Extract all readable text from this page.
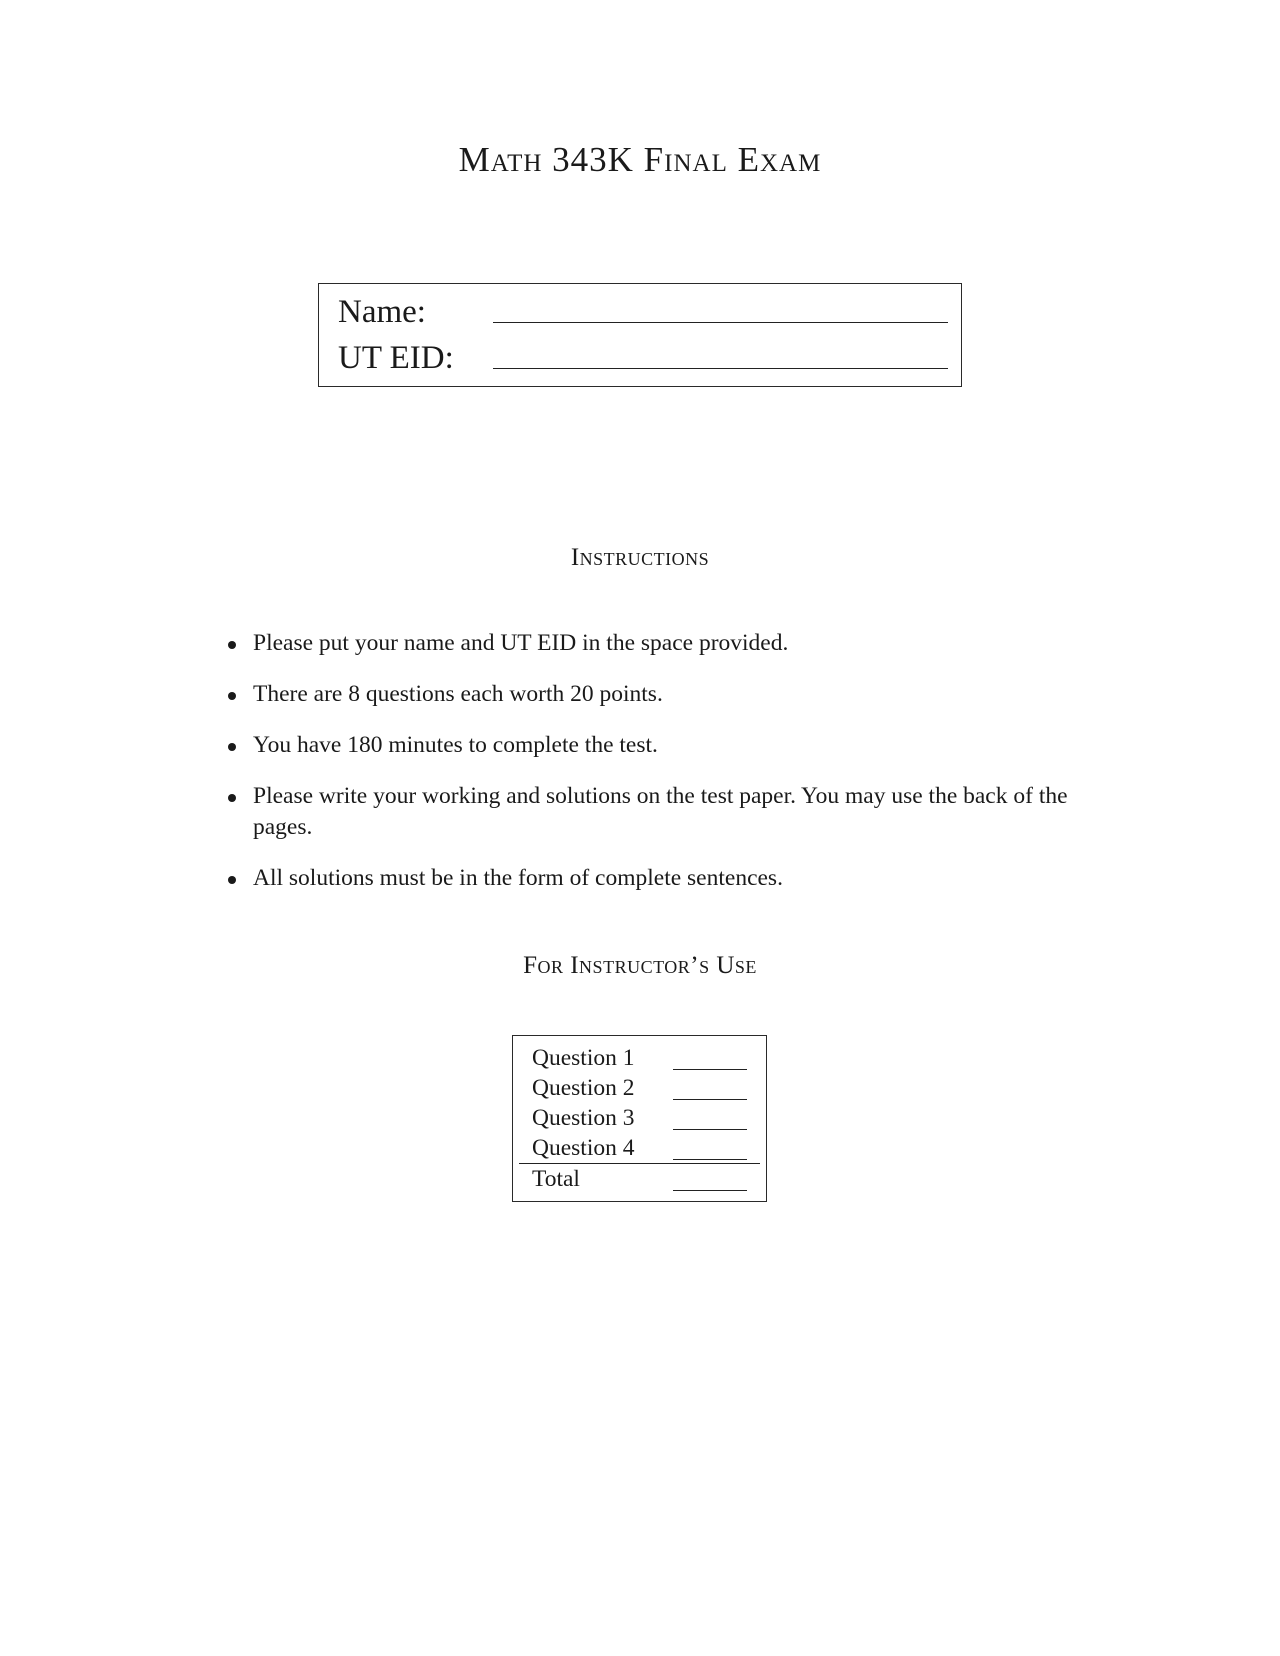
Math 343K Final Exam
Name:
UT EID:
Instructions
Please put your name and UT EID in the space provided.
There are 8 questions each worth 20 points.
You have 180 minutes to complete the test.
Please write your working and solutions on the test paper. You may use the back of the pages.
All solutions must be in the form of complete sentences.
For Instructor’s Use
Question 1
Question 2
Question 3
Question 4
Total
